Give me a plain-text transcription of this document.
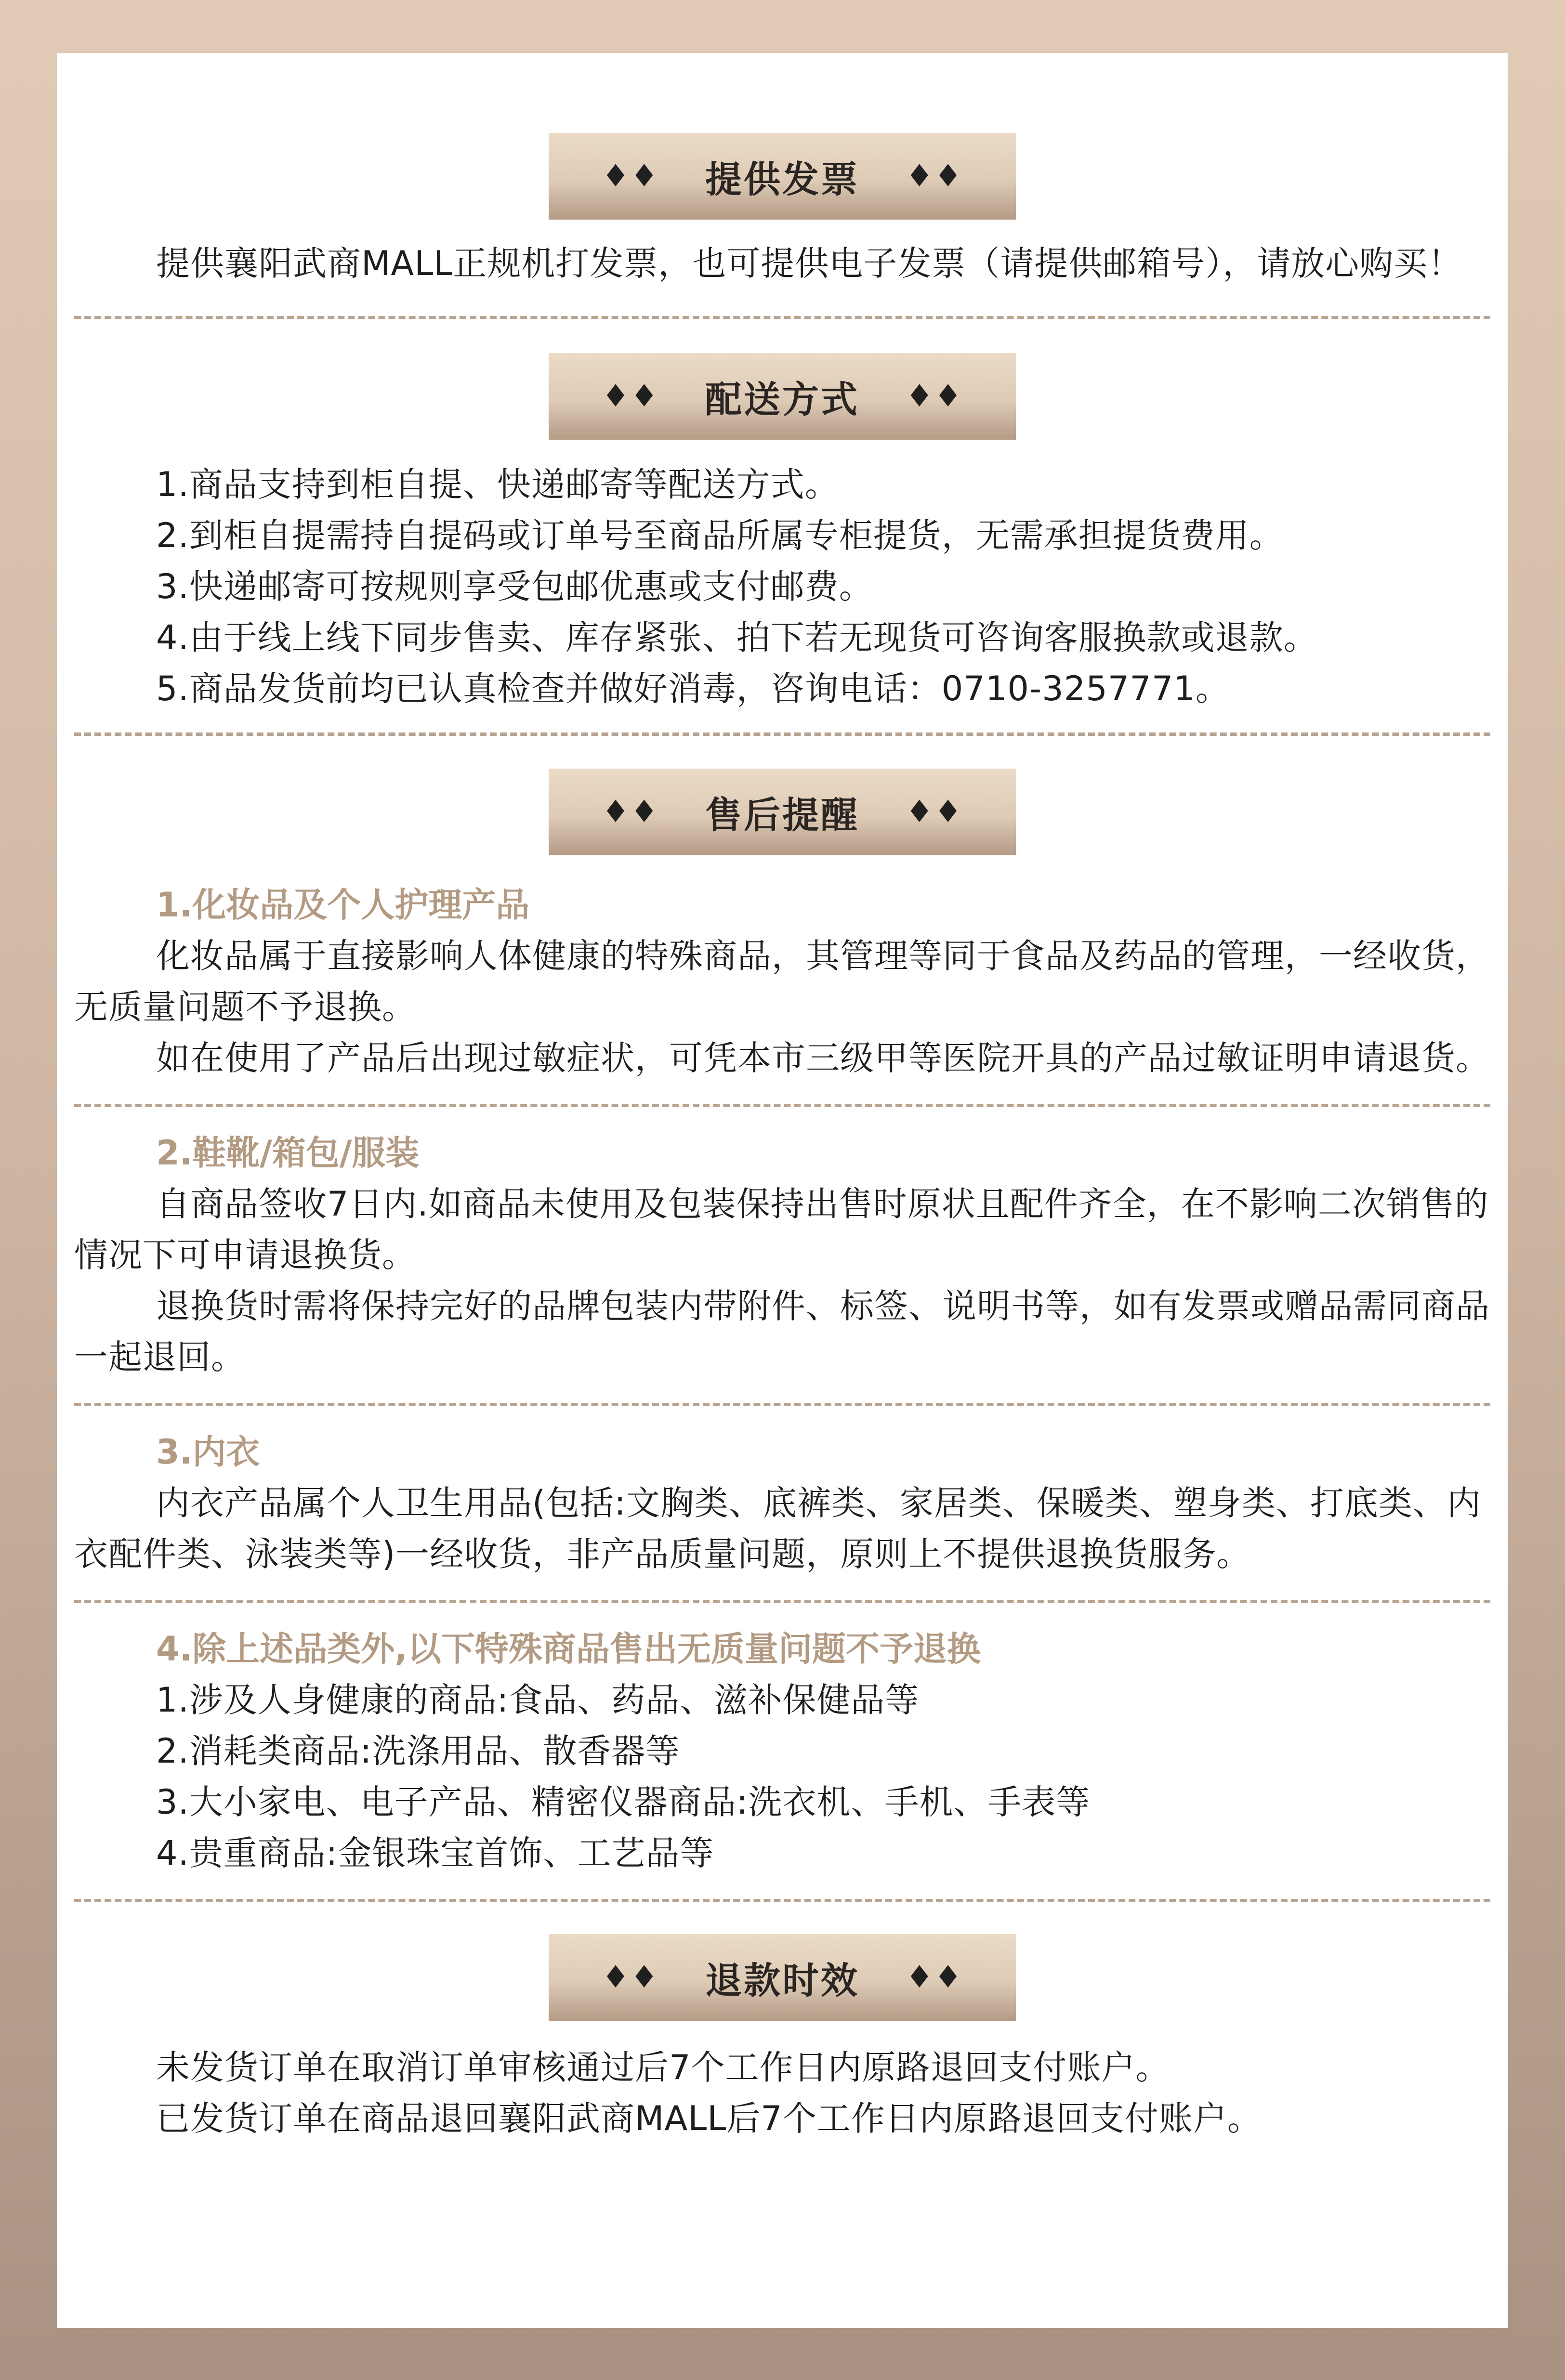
♦♦ 提供发票 ♦♦

提供襄阳武商MALL正规机打发票，也可提供电子发票（请提供邮箱号），请放心购买！

♦♦ 配送方式 ♦♦

1.商品支持到柜自提、快递邮寄等配送方式。

2.到柜自提需持自提码或订单号至商品所属专柜提货，无需承担提货费用。

3.快递邮寄可按规则享受包邮优惠或支付邮费。

4.由于线上线下同步售卖、库存紧张、拍下若无现货可咨询客服换款或退款。

5.商品发货前均已认真检查并做好消毒，咨询电话：0710-3257771。

♦♦ 售后提醒 ♦♦

1.化妆品及个人护理产品

化妆品属于直接影响人体健康的特殊商品，其管理等同于食品及药品的管理，一经收货，无质量问题不予退换。

如在使用了产品后出现过敏症状，可凭本市三级甲等医院开具的产品过敏证明申请退货。

2.鞋靴/箱包/服装

自商品签收7日内.如商品未使用及包装保持出售时原状且配件齐全，在不影响二次销售的情况下可申请退换货。

退换货时需将保持完好的品牌包装内带附件、标签、说明书等，如有发票或赠品需同商品一起退回。

3.内衣

内衣产品属个人卫生用品(包括:文胸类、底裤类、家居类、保暖类、塑身类、打底类、内衣配件类、泳装类等)一经收货，非产品质量问题，原则上不提供退换货服务。

4.除上述品类外,以下特殊商品售出无质量问题不予退换

1.涉及人身健康的商品:食品、药品、滋补保健品等

2.消耗类商品:洗涤用品、散香器等

3.大小家电、电子产品、精密仪器商品:洗衣机、手机、手表等

4.贵重商品:金银珠宝首饰、工艺品等

♦♦ 退款时效 ♦♦

未发货订单在取消订单审核通过后7个工作日内原路退回支付账户。

已发货订单在商品退回襄阳武商MALL后7个工作日内原路退回支付账户。
